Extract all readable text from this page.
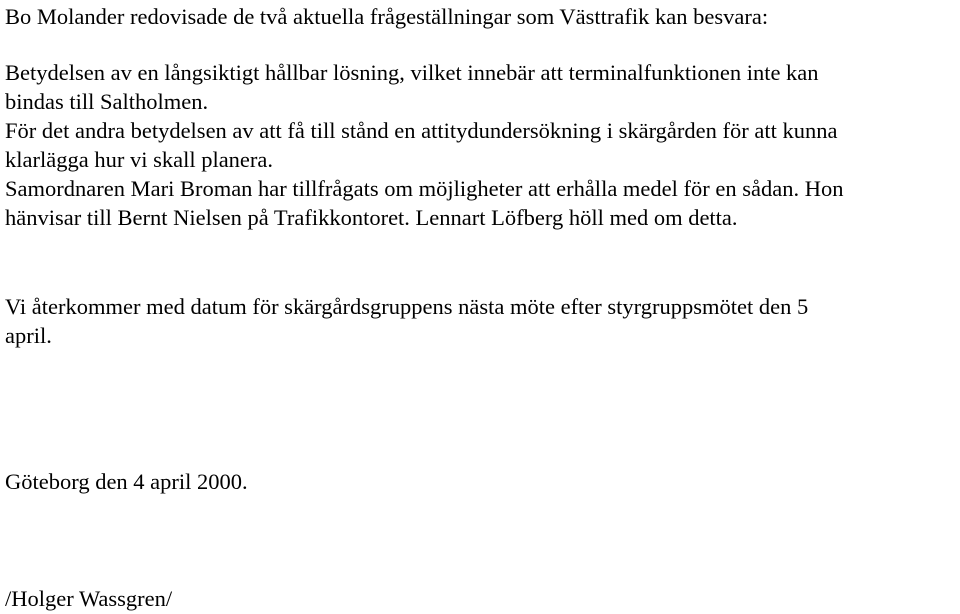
Bo Molander redovisade de två aktuella frågeställningar som Västtrafik kan besvara:

Betydelsen av en långsiktigt hållbar lösning, vilket innebär att terminalfunktionen inte kan

bindas till Saltholmen.

För det andra betydelsen av att få till stånd en attitydundersökning i skärgården för att kunna

klarlägga hur vi skall planera.

Samordnaren Mari Broman har tillfrågats om möjligheter att erhålla medel för en sådan. Hon

hänvisar till Bernt Nielsen på Trafikkontoret. Lennart Löfberg höll med om detta.

Vi återkommer med datum för skärgårdsgruppens nästa möte efter styrgruppsmötet den 5

april.

Göteborg den 4 april 2000.

/Holger Wassgren/
